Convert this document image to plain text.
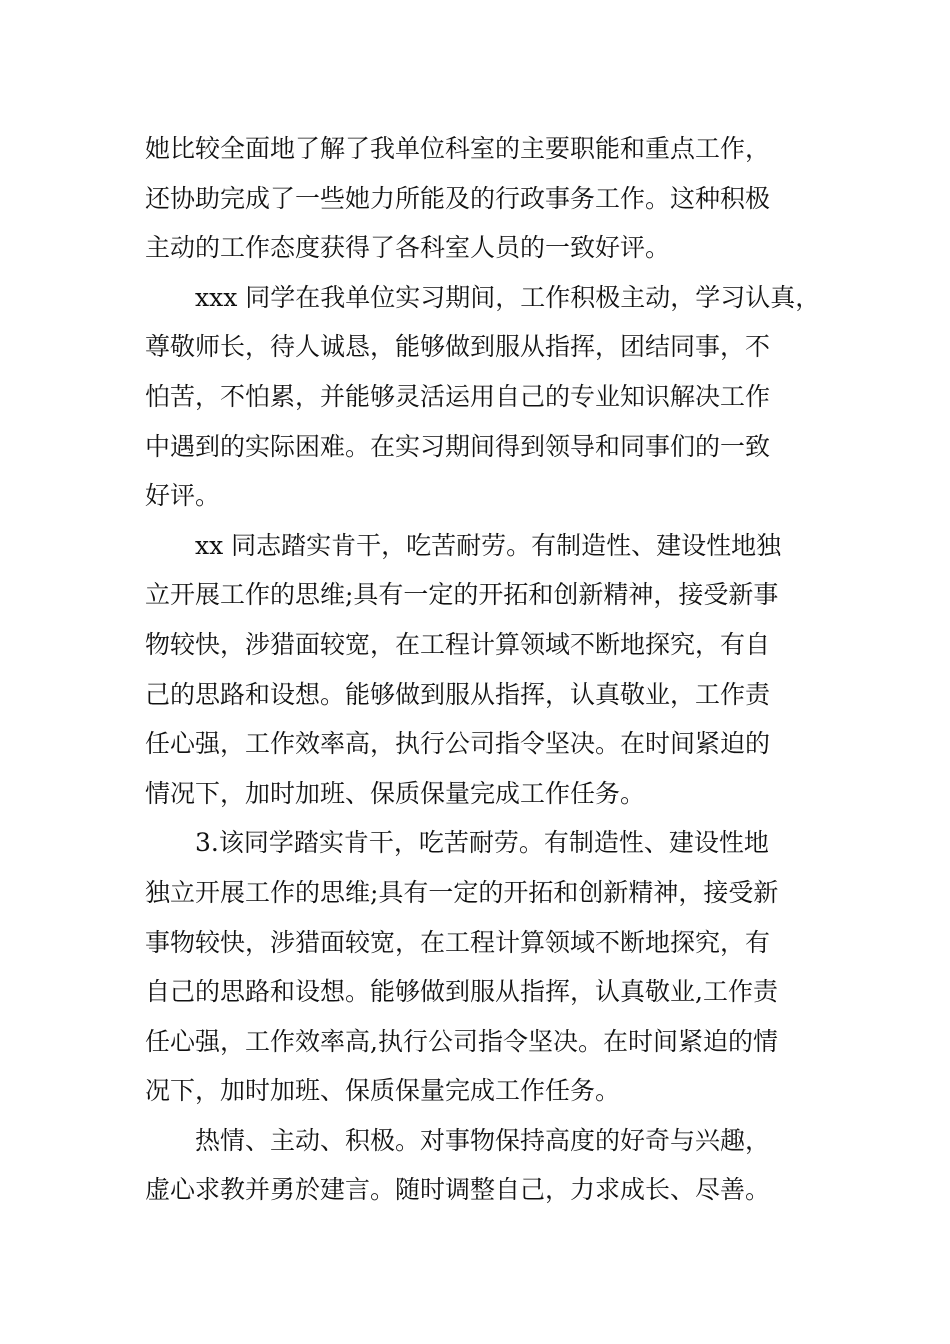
她比较全面地了解了我单位科室的主要职能和重点工作，
还协助完成了一些她力所能及的行政事务工作。这种积极
主动的工作态度获得了各科室人员的一致好评。
xxx 同学在我单位实习期间，工作积极主动，学习认真，
尊敬师长，待人诚恳，能够做到服从指挥，团结同事，不
怕苦，不怕累，并能够灵活运用自己的专业知识解决工作
中遇到的实际困难。在实习期间得到领导和同事们的一致
好评。
xx 同志踏实肯干，吃苦耐劳。有制造性、建设性地独
立开展工作的思维;具有一定的开拓和创新精神，接受新事
物较快，涉猎面较宽，在工程计算领域不断地探究，有自
己的思路和设想。能够做到服从指挥，认真敬业，工作责
任心强，工作效率高，执行公司指令坚决。在时间紧迫的
情况下，加时加班、保质保量完成工作任务。
3.该同学踏实肯干，吃苦耐劳。有制造性、建设性地
独立开展工作的思维;具有一定的开拓和创新精神，接受新
事物较快，涉猎面较宽，在工程计算领域不断地探究，有
自己的思路和设想。能够做到服从指挥，认真敬业,工作责
任心强，工作效率高,执行公司指令坚决。在时间紧迫的情
况下，加时加班、保质保量完成工作任务。
热情、主动、积极。对事物保持高度的好奇与兴趣，
虚心求教并勇於建言。随时调整自己，力求成长、尽善。
